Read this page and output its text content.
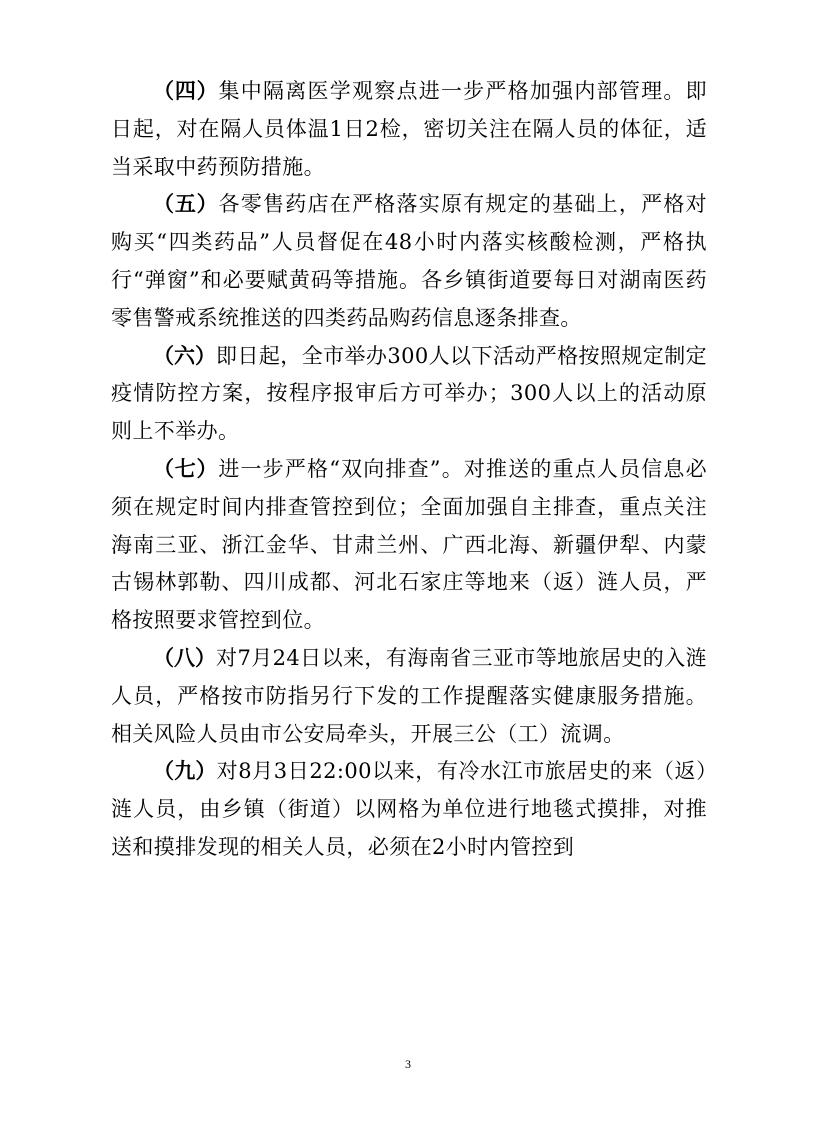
（四）集中隔离医学观察点进一步严格加强内部管理。即日起，对在隔人员体温1日2检，密切关注在隔人员的体征，适当采取中药预防措施。

（五）各零售药店在严格落实原有规定的基础上，严格对购买“四类药品”人员督促在48小时内落实核酸检测，严格执行“弹窗”和必要赋黄码等措施。各乡镇街道要每日对湖南医药零售警戒系统推送的四类药品购药信息逐条排查。

（六）即日起，全市举办300人以下活动严格按照规定制定疫情防控方案，按程序报审后方可举办；300人以上的活动原则上不举办。

（七）进一步严格“双向排查”。对推送的重点人员信息必须在规定时间内排查管控到位；全面加强自主排查，重点关注海南三亚、浙江金华、甘肃兰州、广西北海、新疆伊犁、内蒙古锡林郭勒、四川成都、河北石家庄等地来（返）涟人员，严格按照要求管控到位。

（八）对7月24日以来，有海南省三亚市等地旅居史的入涟人员，严格按市防指另行下发的工作提醒落实健康服务措施。相关风险人员由市公安局牵头，开展三公（工）流调。

（九）对8月3日22:00以来，有冷水江市旅居史的来（返）涟人员，由乡镇（街道）以网格为单位进行地毯式摸排，对推送和摸排发现的相关人员，必须在2小时内管控到

3
